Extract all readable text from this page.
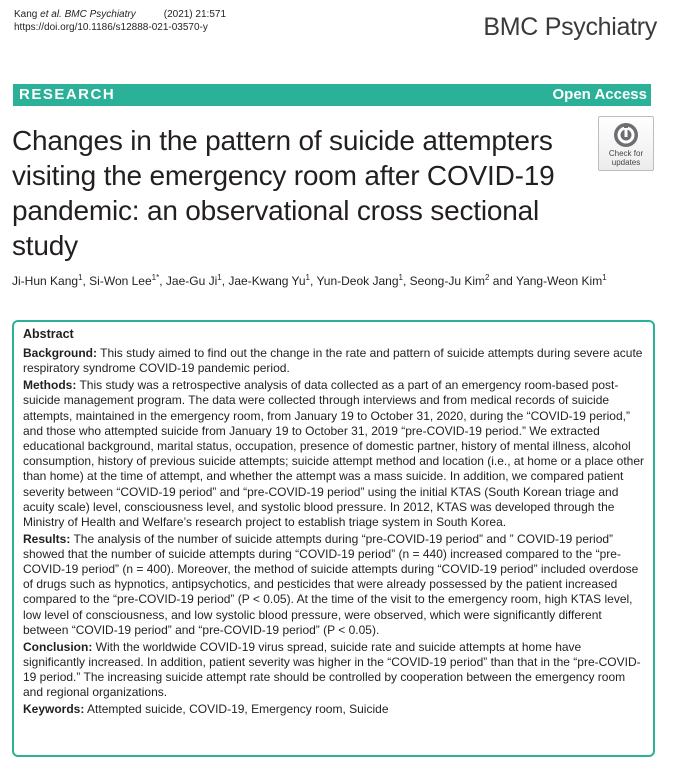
Kang et al. BMC Psychiatry	(2021) 21:571
https://doi.org/10.1186/s12888-021-03570-y	BMC Psychiatry
RESEARCH	Open Access
Changes in the pattern of suicide attempters visiting the emergency room after COVID-19 pandemic: an observational cross sectional study
Check for
updates
Ji-Hun Kang$^1$, Si-Won Lee$^{1*}$, Jae-Gu Ji$^1$, Jae-Kwang Yu$^1$, Yun-Deok Jang$^1$, Seong-Ju Kim$^2$ and Yang-Weon Kim$^1$
Abstract

Background: This study aimed to find out the change in the rate and pattern of suicide attempts during severe acute respiratory syndrome COVID-19 pandemic period.

Methods: This study was a retrospective analysis of data collected as a part of an emergency room-based post-suicide management program. The data were collected through interviews and from medical records of suicide attempts, maintained in the emergency room, from January 19 to October 31, 2020, during the “COVID-19 period,” and those who attempted suicide from January 19 to October 31, 2019 “pre-COVID-19 period.” We extracted educational background, marital status, occupation, presence of domestic partner, history of mental illness, alcohol consumption, history of previous suicide attempts; suicide attempt method and location (i.e., at home or a place other than home) at the time of attempt, and whether the attempt was a mass suicide. In addition, we compared patient severity between “COVID-19 period” and “pre-COVID-19 period” using the initial KTAS (South Korean triage and acuity scale) level, consciousness level, and systolic blood pressure. In 2012, KTAS was developed through the Ministry of Health and Welfare’s research project to establish triage system in South Korea.

Results: The analysis of the number of suicide attempts during “pre-COVID-19 period” and ” COVID-19 period” showed that the number of suicide attempts during “COVID-19 period” (n = 440) increased compared to the “pre-COVID-19 period” (n = 400). Moreover, the method of suicide attempts during “COVID-19 period” included overdose of drugs such as hypnotics, antipsychotics, and pesticides that were already possessed by the patient increased compared to the “pre-COVID-19 period” (P < 0.05). At the time of the visit to the emergency room, high KTAS level, low level of consciousness, and low systolic blood pressure, were observed, which were significantly different between “COVID-19 period” and “pre-COVID-19 period” (P < 0.05).

Conclusion: With the worldwide COVID-19 virus spread, suicide rate and suicide attempts at home have significantly increased. In addition, patient severity was higher in the “COVID-19 period” than that in the “pre-COVID-19 period.” The increasing suicide attempt rate should be controlled by cooperation between the emergency room and regional organizations.

Keywords: Attempted suicide, COVID-19, Emergency room, Suicide
